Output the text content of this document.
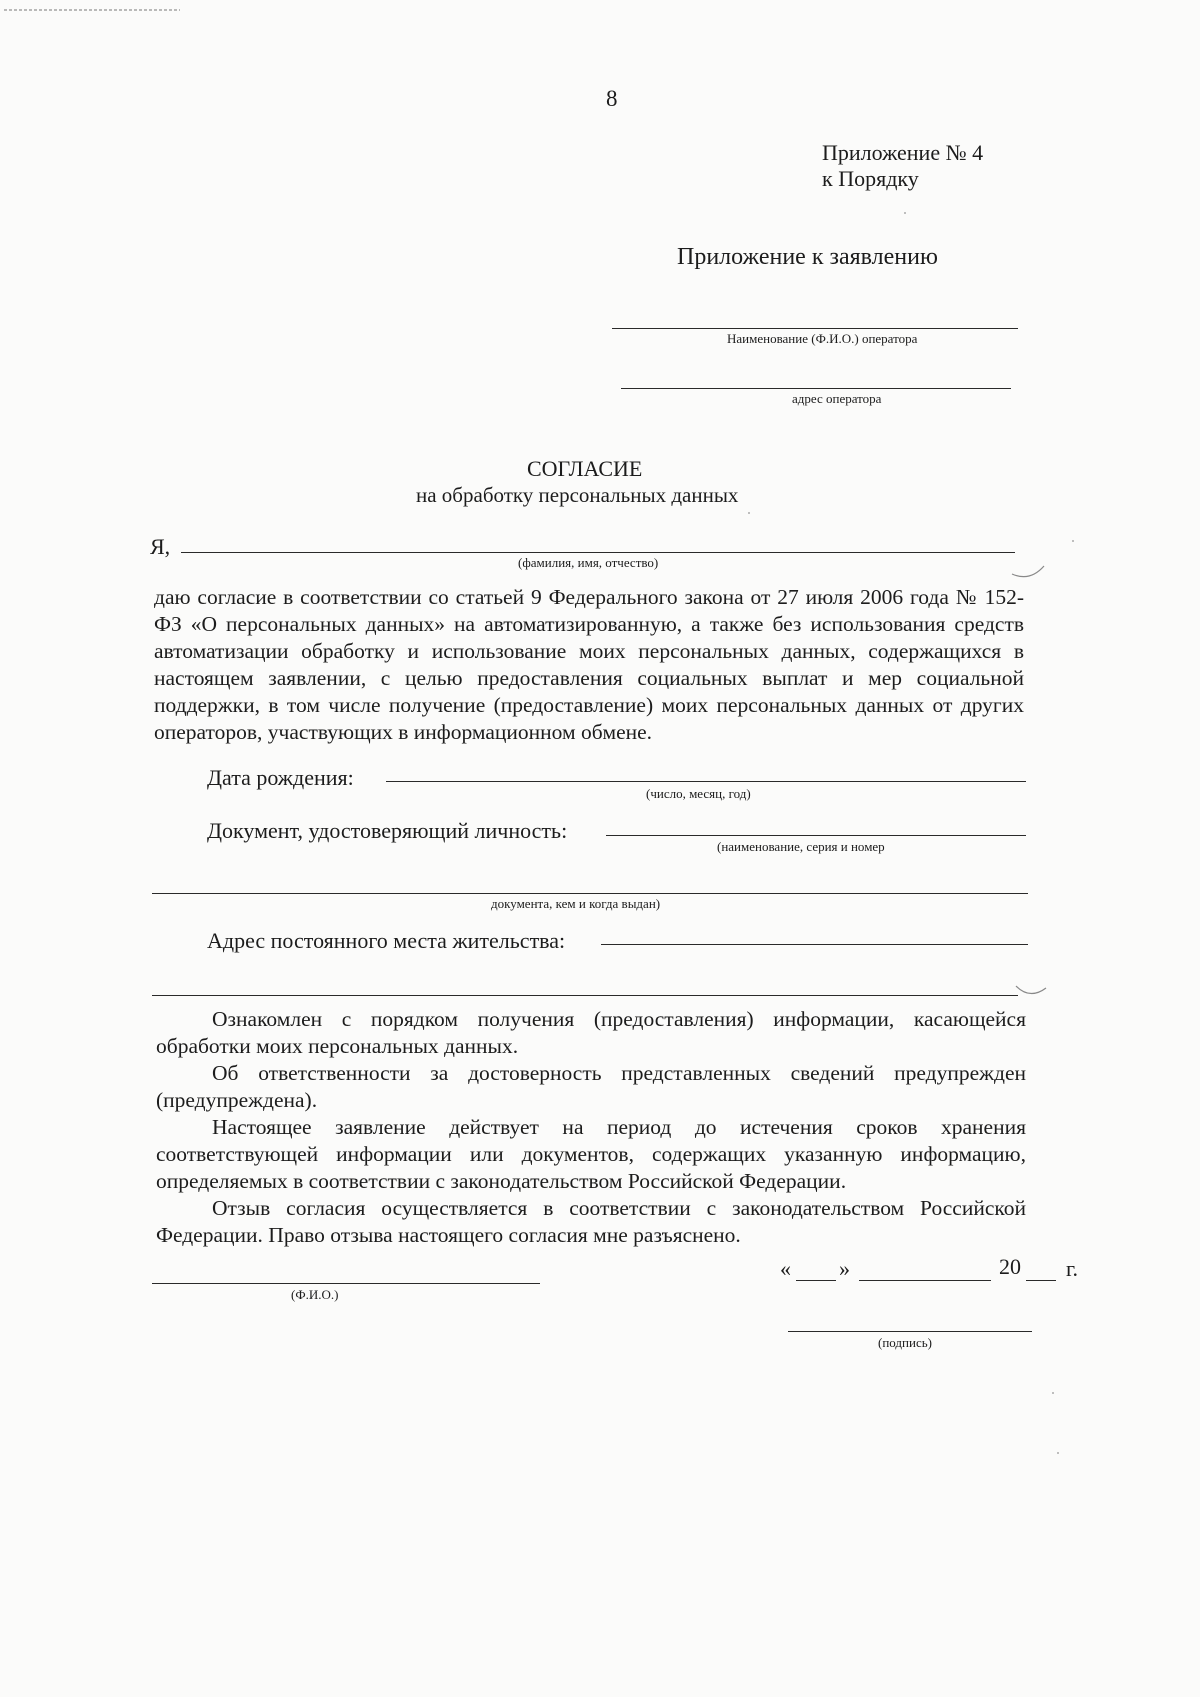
8
Приложение № 4
к Порядку
Приложение к заявлению
Наименование (Ф.И.О.) оператора
адрес оператора
СОГЛАСИЕ
на обработку персональных данных
Я,
(фамилия, имя, отчество)
даю согласие в соответствии со статьей 9 Федерального закона от 27 июля 2006 года № 152-ФЗ «О персональных данных» на автоматизированную, а также без использования средств автоматизации обработку и использование моих персональных данных, содержащихся в настоящем заявлении, с целью предоставления социальных выплат и мер социальной поддержки, в том числе получение (предоставление) моих персональных данных от других операторов, участвующих в информационном обмене.
Дата рождения:
(число, месяц, год)
Документ, удостоверяющий личность:
(наименование, серия и номер
документа, кем и когда выдан)
Адрес постоянного места жительства:
Ознакомлен с порядком получения (предоставления) информации, касающейся обработки моих персональных данных.
Об ответственности за достоверность представленных сведений предупрежден (предупреждена).
Настоящее заявление действует на период до истечения сроков хранения соответствующей информации или документов, содержащих указанную информацию, определяемых в соответствии с законодательством Российской Федерации.
Отзыв согласия осуществляется в соответствии с законодательством Российской Федерации. Право отзыва настоящего согласия мне разъяснено.
(Ф.И.О.)
« »	20 г.
(подпись)
